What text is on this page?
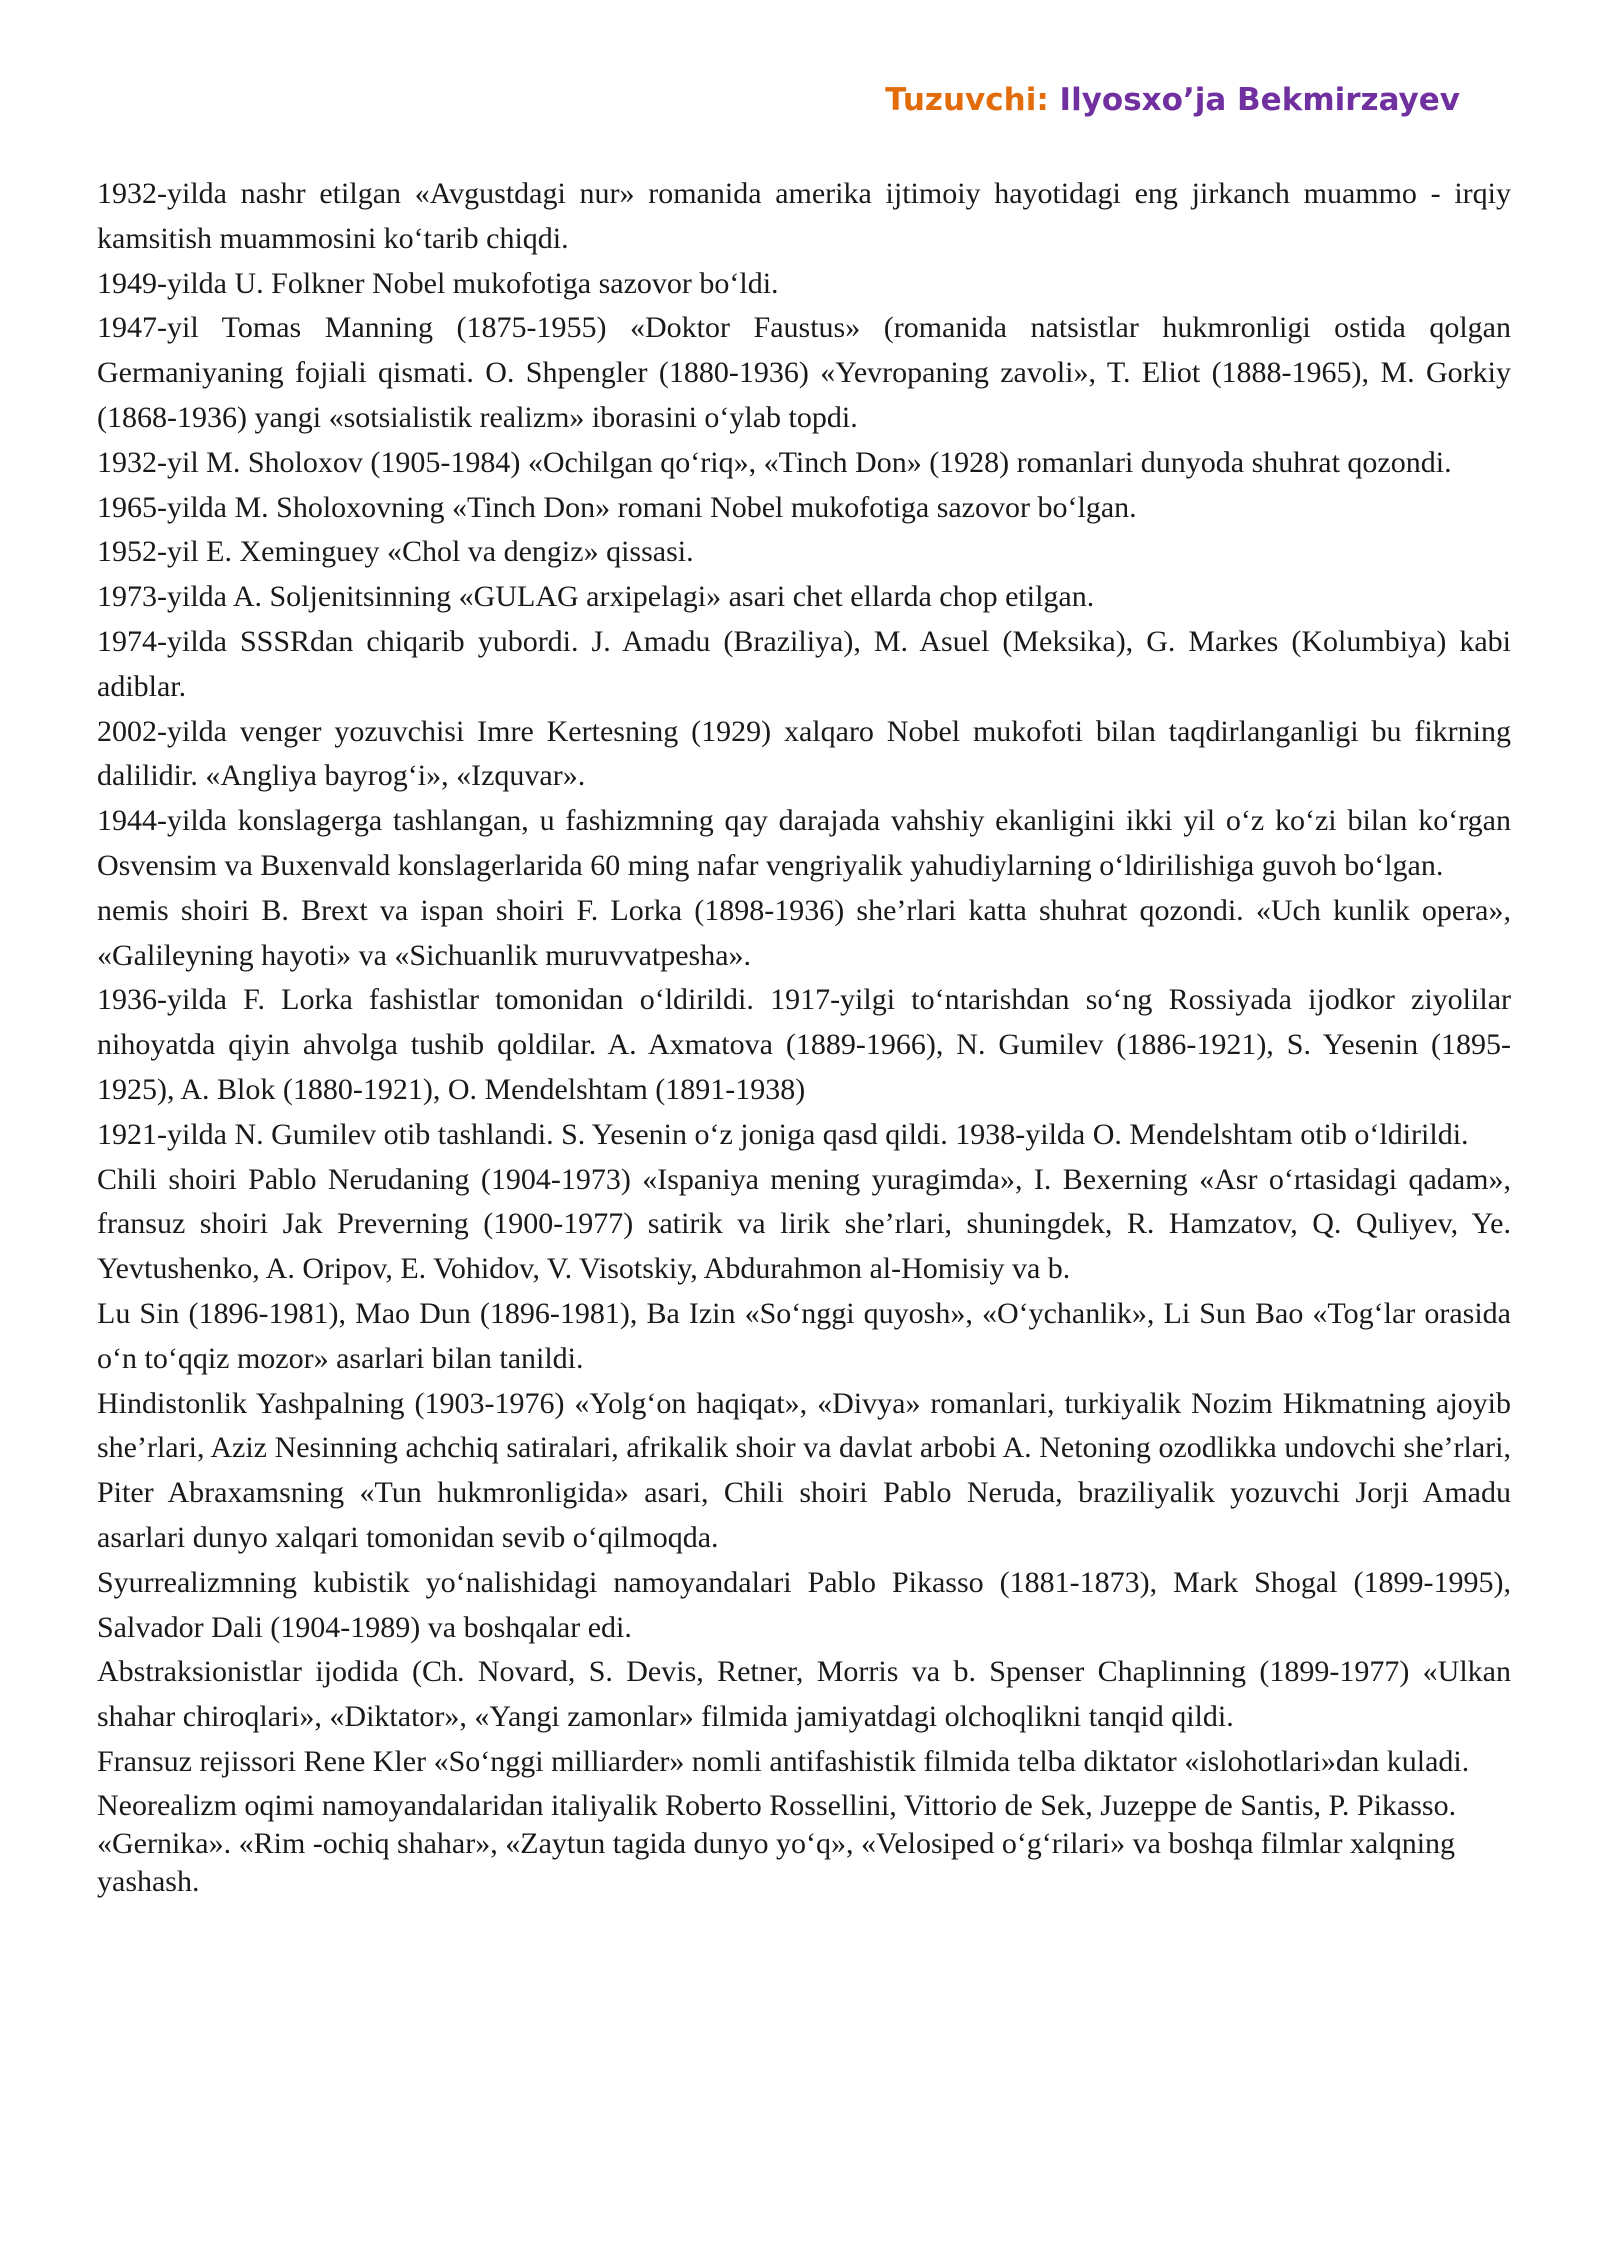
Tuzuvchi: Ilyosxo’ja Bekmirzayev

1932-yilda nashr etilgan «Avgustdagi nur» romanida amerika ijtimoiy hayotidagi eng jirkanch muammo - irqiy kamsitish muammosini ko‘tarib chiqdi.

1949-yilda U. Folkner Nobel mukofotiga sazovor bo‘ldi.

1947-yil Tomas Manning (1875-1955) «Doktor Faustus» (romanida natsistlar hukmronligi ostida qolgan Germaniyaning fojiali qismati. O. Shpengler (1880-1936) «Yevropaning zavoli», T. Eliot (1888-1965), M. Gorkiy (1868-1936) yangi «sotsialistik realizm» iborasini o‘ylab topdi.

1932-yil M. Sholoxov (1905-1984) «Ochilgan qo‘riq», «Tinch Don» (1928) romanlari dunyoda shuhrat qozondi.

1965-yilda M. Sholoxovning «Tinch Don» romani Nobel mukofotiga sazovor bo‘lgan.

1952-yil E. Xeminguey «Chol va dengiz» qissasi.

1973-yilda A. Soljenitsinning «GULAG arxipelagi» asari chet ellarda chop etilgan.

1974-yilda SSSRdan chiqarib yubordi. J. Amadu (Braziliya), M. Asuel (Meksika), G. Markes (Kolumbiya) kabi adiblar.

2002-yilda venger yozuvchisi Imre Kertesning (1929) xalqaro Nobel mukofoti bilan taqdirlanganligi bu fikrning dalilidir. «Angliya bayrog‘i», «Izquvar».

1944-yilda konslagerga tashlangan, u fashizmning qay darajada vahshiy ekanligini ikki yil o‘z ko‘zi bilan ko‘rgan Osvensim va Buxenvald konslagerlarida 60 ming nafar vengriyalik yahudiylarning o‘ldirilishiga guvoh bo‘lgan.

nemis shoiri B. Brext va ispan shoiri F. Lorka (1898-1936) she’rlari katta shuhrat qozondi. «Uch kunlik opera», «Galileyning hayoti» va «Sichuanlik muruvvatpesha».

1936-yilda F. Lorka fashistlar tomonidan o‘ldirildi. 1917-yilgi to‘ntarishdan so‘ng Rossiyada ijodkor ziyolilar nihoyatda qiyin ahvolga tushib qoldilar. A. Axmatova (1889-1966), N. Gumilev (1886-1921), S. Yesenin (1895-1925), A. Blok (1880-1921), O. Mendelshtam (1891-1938)

1921-yilda N. Gumilev otib tashlandi. S. Yesenin o‘z joniga qasd qildi. 1938-yilda O. Mendelshtam otib o‘ldirildi.

Chili shoiri Pablo Nerudaning (1904-1973) «Ispaniya mening yuragimda», I. Bexerning «Asr o‘rtasidagi qadam», fransuz shoiri Jak Preverning (1900-1977) satirik va lirik she’rlari, shuningdek, R. Hamzatov, Q. Quliyev, Ye. Yevtushenko, A. Oripov, E. Vohidov, V. Visotskiy, Abdurahmon al-Homisiy va b.

Lu Sin (1896-1981), Mao Dun (1896-1981), Ba Izin «So‘nggi quyosh», «O‘ychanlik», Li Sun Bao «Tog‘lar orasida o‘n to‘qqiz mozor» asarlari bilan tanildi.

Hindistonlik Yashpalning (1903-1976) «Yolg‘on haqiqat», «Divya» romanlari, turkiyalik Nozim Hikmatning ajoyib she’rlari, Aziz Nesinning achchiq satiralari, afrikalik shoir va davlat arbobi A. Netoning ozodlikka undovchi she’rlari, Piter Abraxamsning «Tun hukmronligida» asari, Chili shoiri Pablo Neruda, braziliyalik yozuvchi Jorji Amadu asarlari dunyo xalqari tomonidan sevib o‘qilmoqda.

Syurrealizmning kubistik yo‘nalishidagi namoyandalari Pablo Pikasso (1881-1873), Mark Shogal (1899-1995), Salvador Dali (1904-1989) va boshqalar edi.

Abstraksionistlar ijodida (Ch. Novard, S. Devis, Retner, Morris va b. Spenser Chaplinning (1899-1977) «Ulkan shahar chiroqlari», «Diktator», «Yangi zamonlar» filmida jamiyatdagi olchoqlikni tanqid qildi.

Fransuz rejissori Rene Kler «So‘nggi milliarder» nomli antifashistik filmida telba diktator «islohotlari»dan kuladi.

Neorealizm oqimi namoyandalaridan italiyalik Roberto Rossellini, Vittorio de Sek, Juzeppe de Santis, P. Pikasso. «Gernika». «Rim -ochiq shahar», «Zaytun tagida dunyo yo‘q», «Velosiped o‘g‘rilari» va boshqa filmlar xalqning yashash.
